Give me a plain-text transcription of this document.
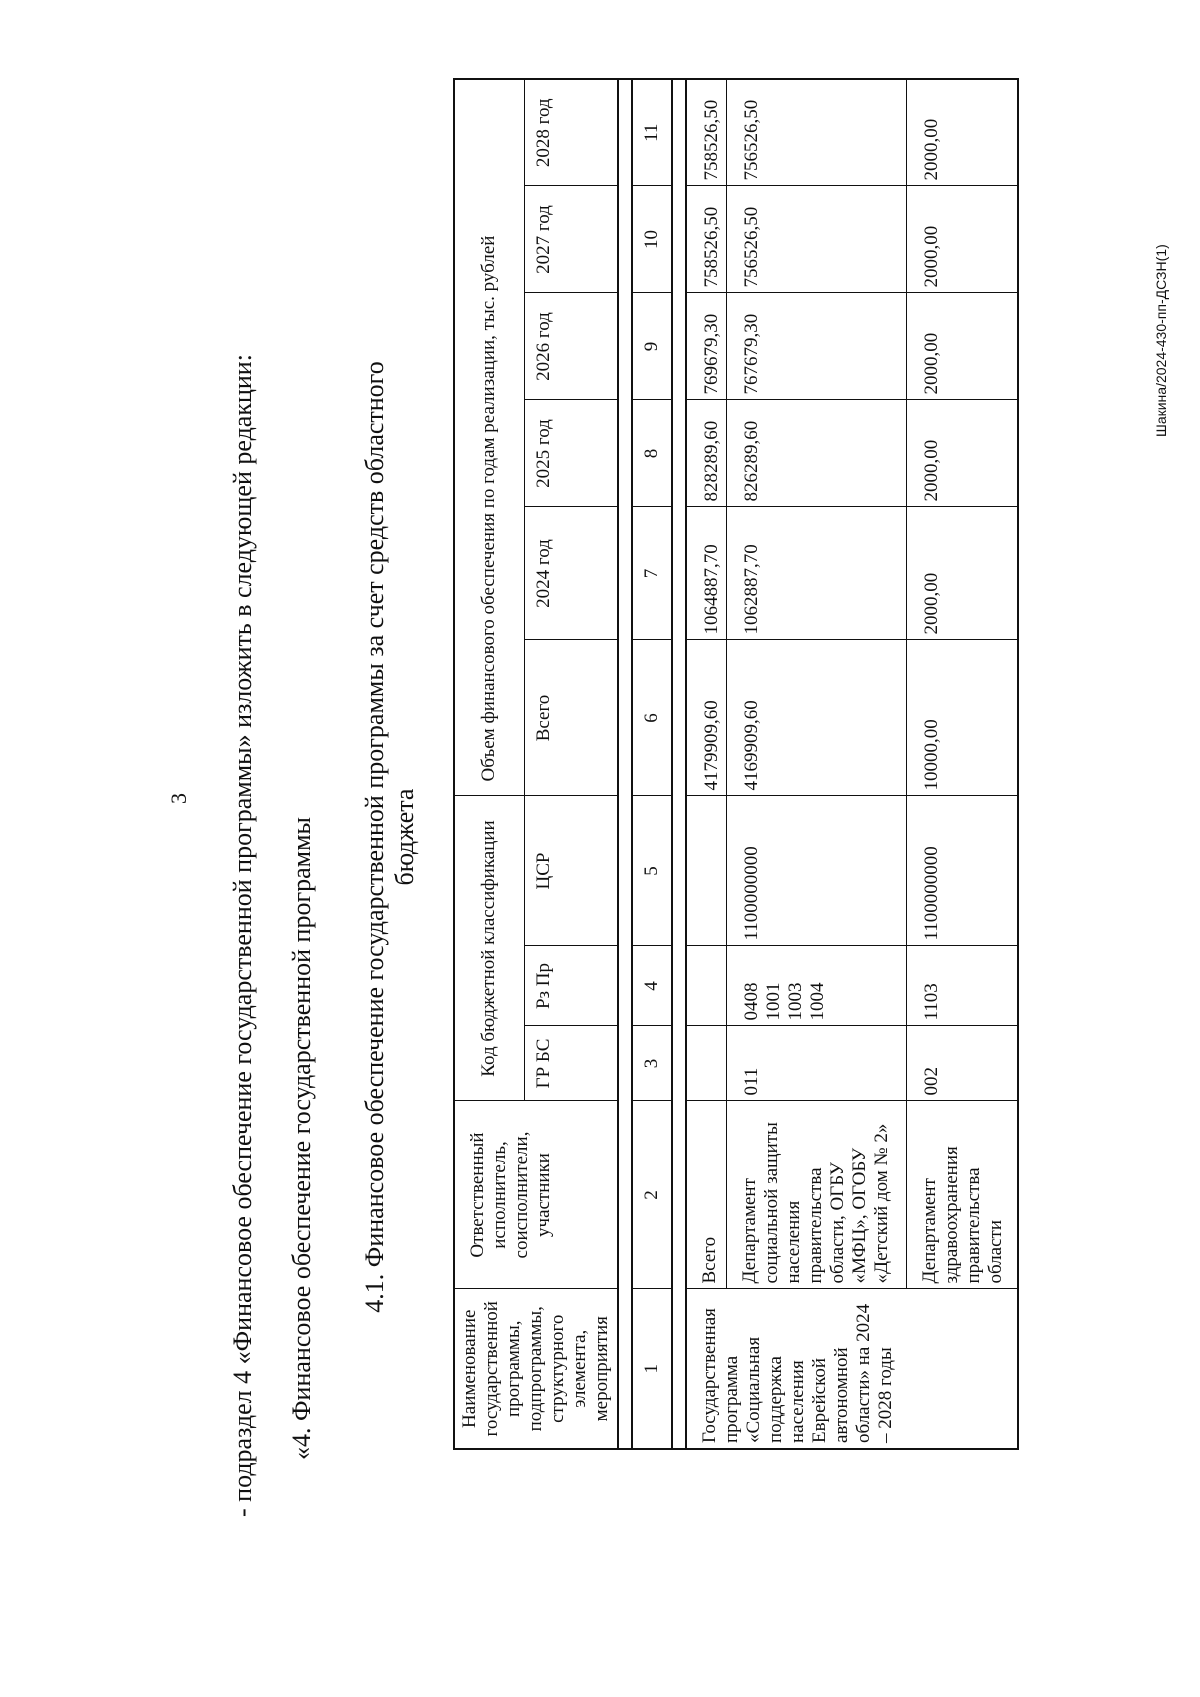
3 - подраздел 4 «Финансовое обеспечение государственной программы» изложить в следующей редакции: «4. Финансовое обеспечение государственной программы 4.1. Финансовое обеспечение государственной программы за счет средств областного бюджета
Наименование государственной программы, подпрограммы, структурного элемента, мероприятия	Ответственный исполнитель, соисполнители, участники	Код бюджетной классификации			Объем финансового обеспечения по годам реализации, тыс. рублей					
		ГР БС	Рз Пр	ЦСР	Всего	2024 год	2025 год	2026 год	2027 год	2028 год

1	2	3	4	5	6	7	8	9	10	11

Государственная программа «Социальная поддержка населения Еврейской автономной области» на 2024 – 2028 годы	Всего				4179909,60	1064887,70	828289,60	769679,30	758526,50	758526,50
	Департамент социальной защиты населения правительства области, ОГБУ «МФЦ», ОГОБУ «Детский дом № 2»	011	0408 1001 1003 1004	1100000000	4169909,60	1062887,70	826289,60	767679,30	756526,50	756526,50
	Департамент здравоохранения правительства области	002	1103	1100000000	10000,00	2000,00	2000,00	2000,00	2000,00	2000,00
Шакина/2024-430-пп-ДСЗН(1)
